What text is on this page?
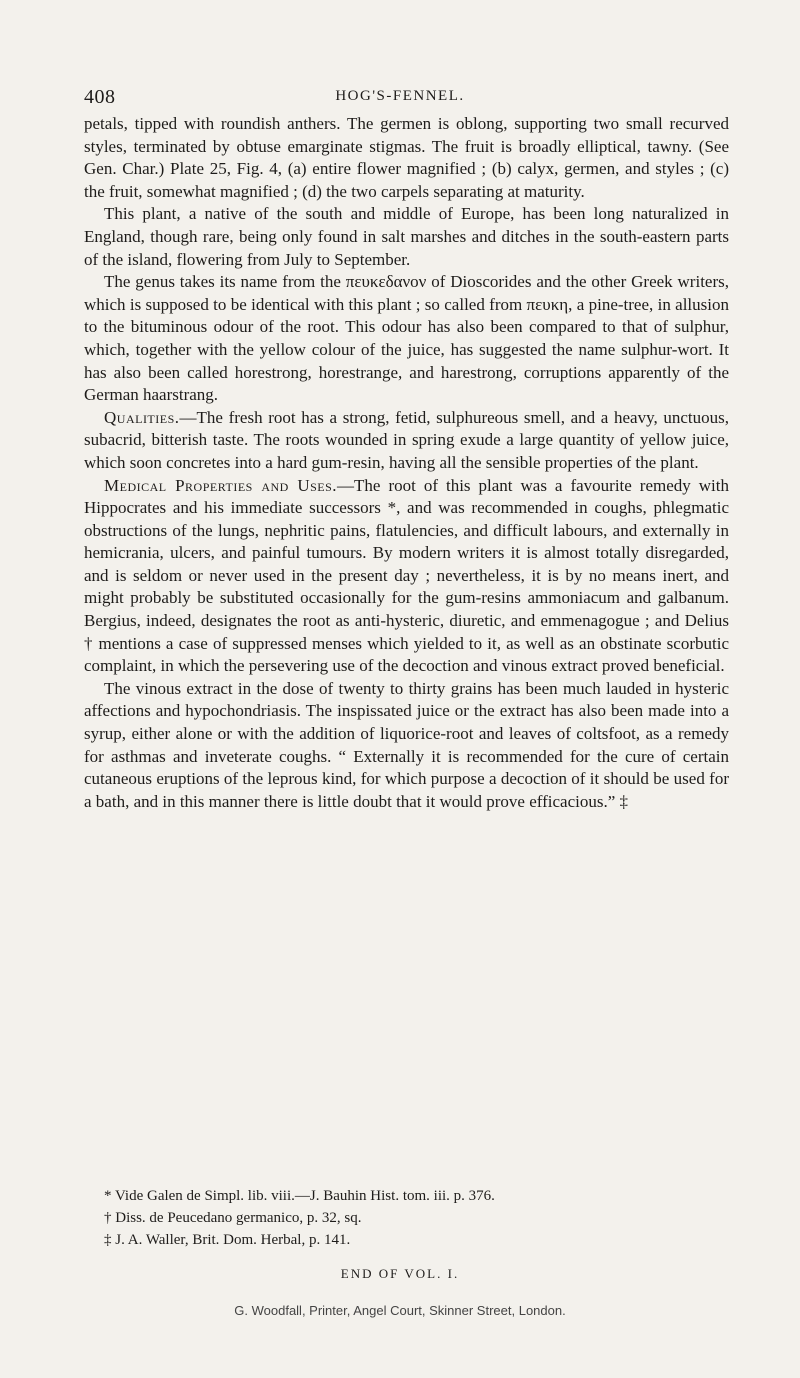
408	HOG'S-FENNEL.

petals, tipped with roundish anthers. The germen is oblong, supporting two small recurved styles, terminated by obtuse emarginate stigmas. The fruit is broadly elliptical, tawny. (See Gen. Char.) Plate 25, Fig. 4, (a) entire flower magnified ; (b) calyx, germen, and styles ; (c) the fruit, somewhat magnified ; (d) the two carpels separating at maturity.

This plant, a native of the south and middle of Europe, has been long naturalized in England, though rare, being only found in salt marshes and ditches in the south-eastern parts of the island, flowering from July to September.

The genus takes its name from the πευκεδανον of Dioscorides and the other Greek writers, which is supposed to be identical with this plant ; so called from πευκη, a pine-tree, in allusion to the bituminous odour of the root. This odour has also been compared to that of sulphur, which, together with the yellow colour of the juice, has suggested the name sulphur-wort. It has also been called horestrong, horestrange, and harestrong, corruptions apparently of the German haarstrang.

Qualities.—The fresh root has a strong, fetid, sulphureous smell, and a heavy, unctuous, subacrid, bitterish taste. The roots wounded in spring exude a large quantity of yellow juice, which soon concretes into a hard gum-resin, having all the sensible properties of the plant.

Medical Properties and Uses.—The root of this plant was a favourite remedy with Hippocrates and his immediate successors *, and was recommended in coughs, phlegmatic obstructions of the lungs, nephritic pains, flatulencies, and difficult labours, and externally in hemicrania, ulcers, and painful tumours. By modern writers it is almost totally disregarded, and is seldom or never used in the present day ; nevertheless, it is by no means inert, and might probably be substituted occasionally for the gum-resins ammoniacum and galbanum. Bergius, indeed, designates the root as anti-hysteric, diuretic, and emmenagogue ; and Delius † mentions a case of suppressed menses which yielded to it, as well as an obstinate scorbutic complaint, in which the persevering use of the decoction and vinous extract proved beneficial.

The vinous extract in the dose of twenty to thirty grains has been much lauded in hysteric affections and hypochondriasis. The inspissated juice or the extract has also been made into a syrup, either alone or with the addition of liquorice-root and leaves of coltsfoot, as a remedy for asthmas and inveterate coughs. “ Externally it is recommended for the cure of certain cutaneous eruptions of the leprous kind, for which purpose a decoction of it should be used for a bath, and in this manner there is little doubt that it would prove efficacious.” ‡

* Vide Galen de Simpl. lib. viii.—J. Bauhin Hist. tom. iii. p. 376.

† Diss. de Peucedano germanico, p. 32, sq.

‡ J. A. Waller, Brit. Dom. Herbal, p. 141.

END OF VOL. I.
G. Woodfall, Printer, Angel Court, Skinner Street, London.
